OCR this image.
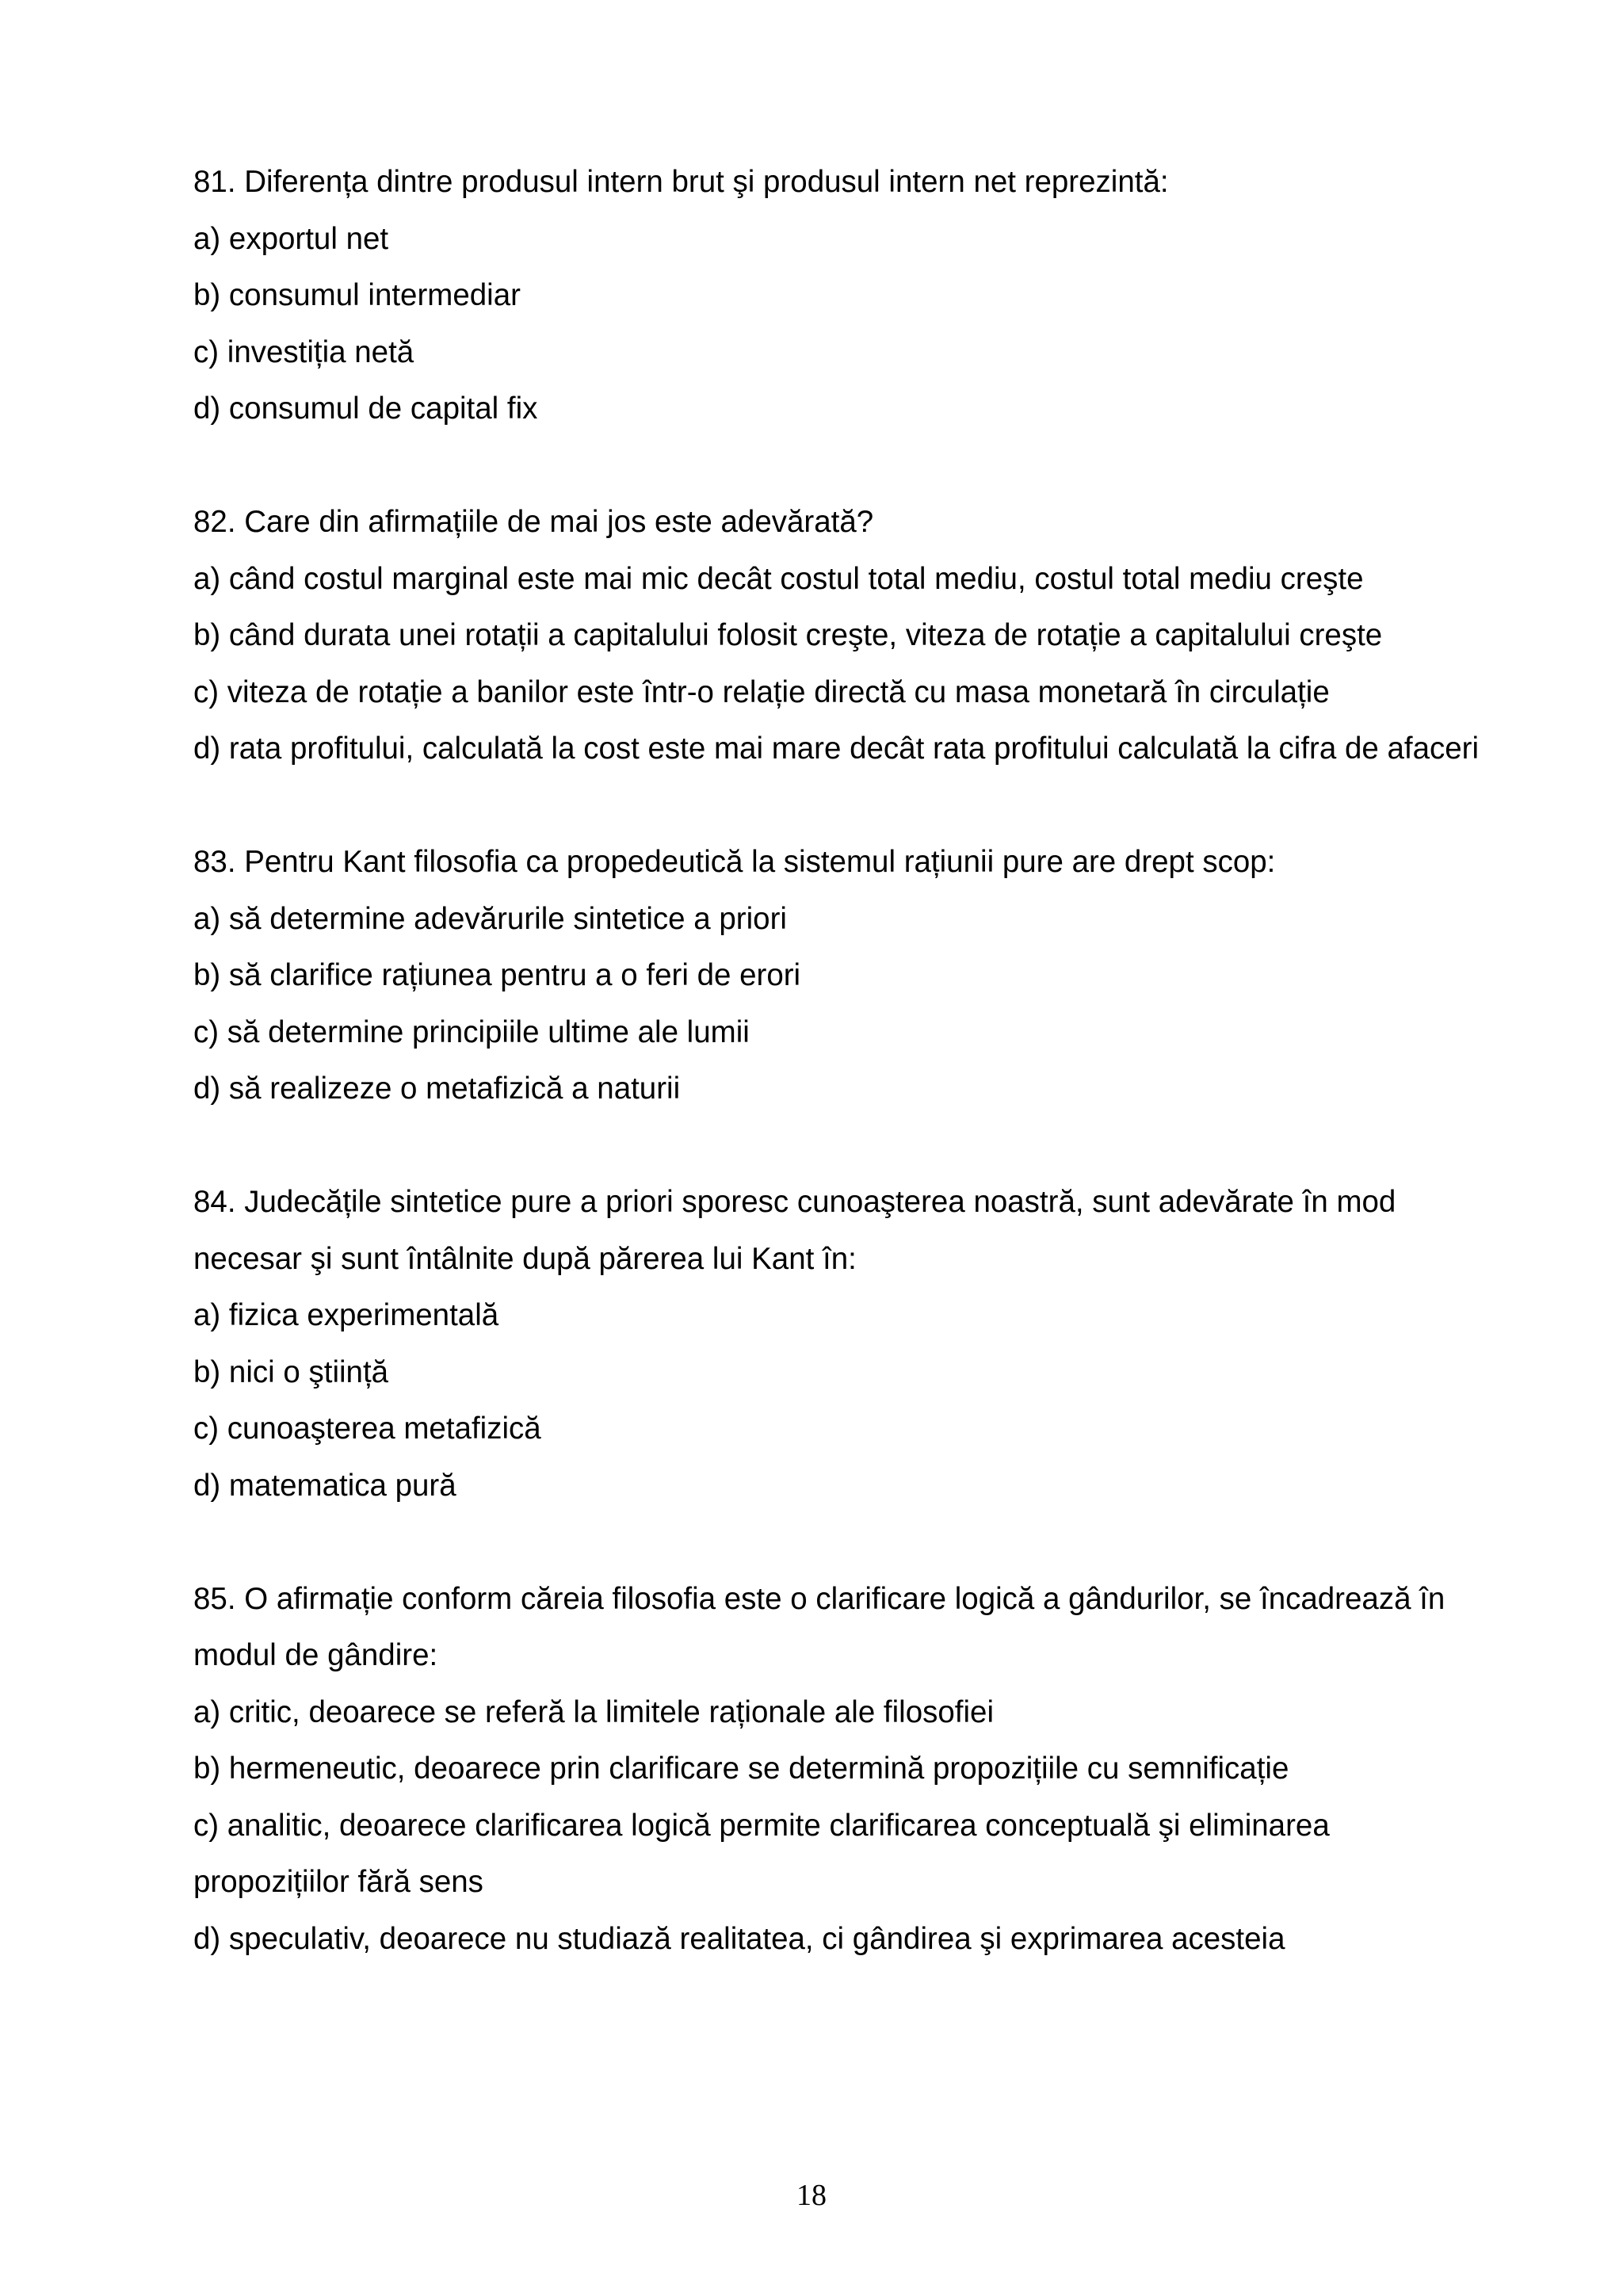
81. Diferența dintre produsul intern brut şi produsul intern net reprezintă:

a) exportul net

b) consumul intermediar

c) investiția netă

d) consumul de capital fix

82. Care din afirmațiile de mai jos este adevărată?

a) când costul marginal este mai mic decât costul total mediu, costul total mediu creşte

b) când durata unei rotații a capitalului folosit creşte, viteza de rotație a capitalului creşte

c) viteza de rotație a banilor este într-o relație directă cu masa monetară în circulație

d) rata profitului, calculată la cost este mai mare decât rata profitului calculată la cifra de afaceri

83. Pentru Kant filosofia ca propedeutică la sistemul rațiunii pure are drept scop:

a) să determine adevărurile sintetice a priori

b) să clarifice rațiunea pentru a o feri de erori

c) să determine principiile ultime ale lumii

d) să realizeze o metafizică a naturii

84. Judecățile sintetice pure a priori sporesc cunoaşterea noastră, sunt adevărate în mod necesar şi sunt întâlnite după părerea lui Kant în:

a) fizica experimentală

b) nici o ştiință

c) cunoaşterea metafizică

d) matematica pură

85. O afirmație conform căreia filosofia este o clarificare logică a gândurilor, se încadrează în modul de gândire:

a) critic, deoarece se referă la limitele raționale ale filosofiei

b) hermeneutic, deoarece prin clarificare se determină propozițiile cu semnificație

c) analitic, deoarece clarificarea logică permite clarificarea conceptuală şi eliminarea propozițiilor fără sens

d) speculativ, deoarece nu studiază realitatea, ci gândirea şi exprimarea acesteia

18
